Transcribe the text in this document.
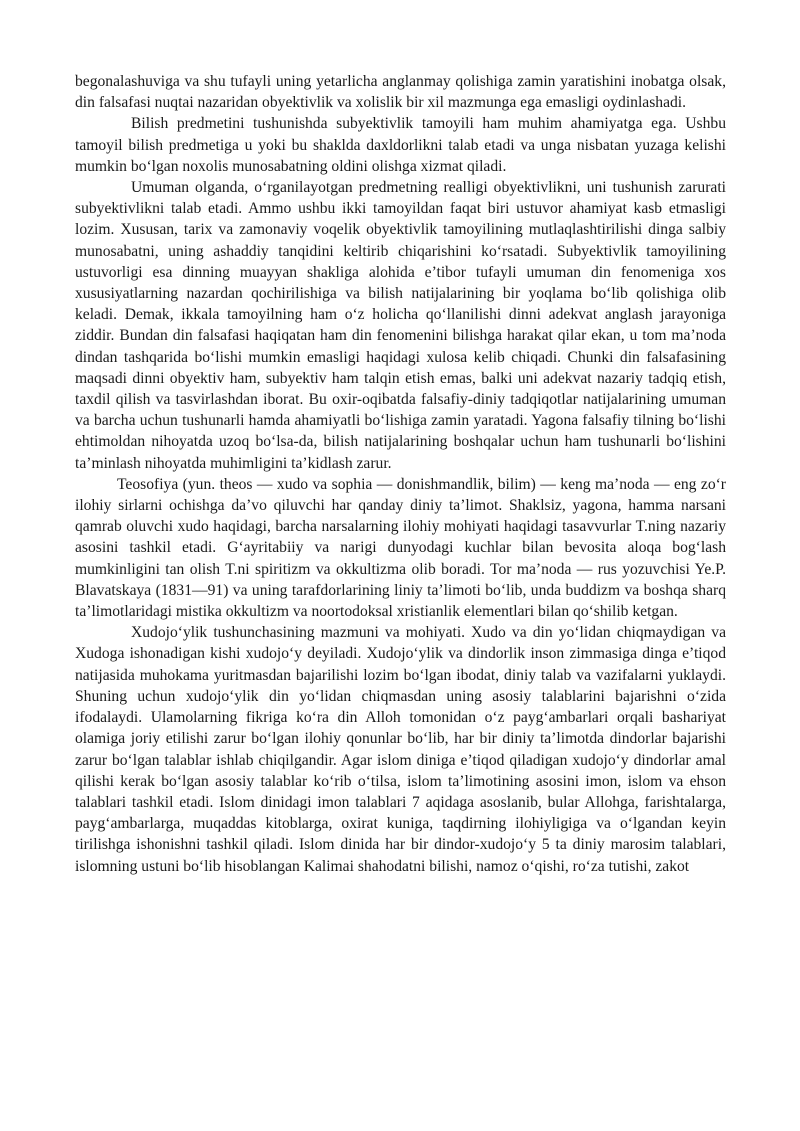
begonalashuviga va shu tufayli uning yetarlicha anglanmay qolishiga zamin yaratishini inobatga olsak, din falsafasi nuqtai nazaridan obyektivlik va xolislik bir xil mazmunga ega emasligi oydinlashadi.

Bilish predmetini tushunishda subyektivlik tamoyili ham muhim ahamiyatga ega. Ushbu tamoyil bilish predmetiga u yoki bu shaklda daxldorlikni talab etadi va unga nisbatan yuzaga kelishi mumkin bo‘lgan noxolis munosabatning oldini olishga xizmat qiladi.

Umuman olganda, o‘rganilayotgan predmetning realligi obyektivlikni, uni tushunish zarurati subyektivlikni talab etadi. Ammo ushbu ikki tamoyildan faqat biri ustuvor ahamiyat kasb etmasligi lozim. Xususan, tarix va zamonaviy voqelik obyektivlik tamoyilining mutlaqlashtirilishi dinga salbiy munosabatni, uning ashaddiy tanqidini keltirib chiqarishini ko‘rsatadi. Subyektivlik tamoyilining ustuvorligi esa dinning muayyan shakliga alohida e’tibor tufayli umuman din fenomeniga xos xususiyatlarning nazardan qochirilishiga va bilish natijalarining bir yoqlama bo‘lib qolishiga olib keladi. Demak, ikkala tamoyilning ham o‘z holicha qo‘llanilishi dinni adekvat anglash jarayoniga ziddir. Bundan din falsafasi haqiqatan ham din fenomenini bilishga harakat qilar ekan, u tom ma’noda dindan tashqarida bo‘lishi mumkin emasligi haqidagi xulosa kelib chiqadi. Chunki din falsafasining maqsadi dinni obyektiv ham, subyektiv ham talqin etish emas, balki uni adekvat nazariy tadqiq etish, taxdil qilish va tasvirlashdan iborat. Bu oxir-oqibatda falsafiy-diniy tadqiqotlar natijalarining umuman va barcha uchun tushunarli hamda ahamiyatli bo‘lishiga zamin yaratadi. Yagona falsafiy tilning bo‘lishi ehtimoldan nihoyatda uzoq bo‘lsa-da, bilish natijalarining boshqalar uchun ham tushunarli bo‘lishini ta’minlash nihoyatda muhimligini ta’kidlash zarur.

Teosofiya (yun. theos — xudo va sophia — donishmandlik, bilim) — keng ma’noda — eng zo‘r ilohiy sirlarni ochishga da’vo qiluvchi har qanday diniy ta’limot. Shaklsiz, yagona, hamma narsani qamrab oluvchi xudo haqidagi, barcha narsalarning ilohiy mohiyati haqidagi tasavvurlar T.ning nazariy asosini tashkil etadi. G‘ayritabiiy va narigi dunyodagi kuchlar bilan bevosita aloqa bog‘lash mumkinligini tan olish T.ni spiritizm va okkultizma olib boradi. Tor ma’noda — rus yozuvchisi Ye.P. Blavatskaya (1831—91) va uning tarafdorlarining liniy ta’limoti bo‘lib, unda buddizm va boshqa sharq ta’limotlaridagi mistika okkultizm va noortodoksal xristianlik elementlari bilan qo‘shilib ketgan.

Xudojo‘ylik tushunchasining mazmuni va mohiyati. Xudo va din yo‘lidan chiqmaydigan va Xudoga ishonadigan kishi xudojo‘y deyiladi. Xudojo‘ylik va dindorlik inson zimmasiga dinga e’tiqod natijasida muhokama yuritmasdan bajarilishi lozim bo‘lgan ibodat, diniy talab va vazifalarni yuklaydi. Shuning uchun xudojo‘ylik din yo‘lidan chiqmasdan uning asosiy talablarini bajarishni o‘zida ifodalaydi. Ulamolarning fikriga ko‘ra din Alloh tomonidan o‘z payg‘ambarlari orqali bashariyat olamiga joriy etilishi zarur bo‘lgan ilohiy qonunlar bo‘lib, har bir diniy ta’limotda dindorlar bajarishi zarur bo‘lgan talablar ishlab chiqilgandir. Agar islom diniga e’tiqod qiladigan xudojo‘y dindorlar amal qilishi kerak bo‘lgan asosiy talablar ko‘rib o‘tilsa, islom ta’limotining asosini imon, islom va ehson talablari tashkil etadi. Islom dinidagi imon talablari 7 aqidaga asoslanib, bular Allohga, farishtalarga, payg‘ambarlarga, muqaddas kitoblarga, oxirat kuniga, taqdirning ilohiyligiga va o‘lgandan keyin tirilishga ishonishni tashkil qiladi. Islom dinida har bir dindor-xudojo‘y 5 ta diniy marosim talablari, islomning ustuni bo‘lib hisoblangan Kalimai shahodatni bilishi, namoz o‘qishi, ro‘za tutishi, zakot
